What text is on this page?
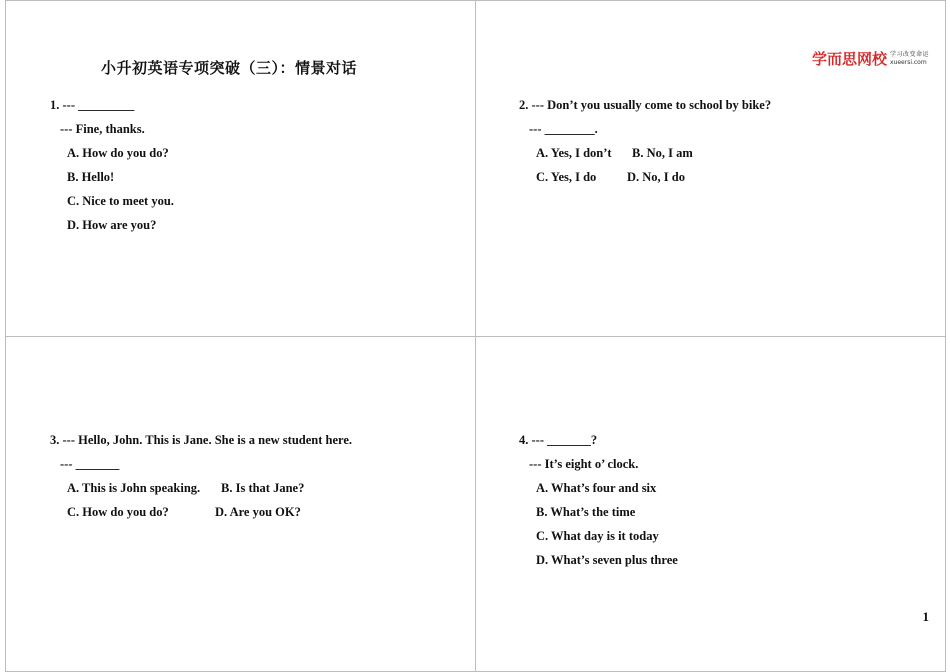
小升初英语专项突破（三）：情景对话
1. --- _________
--- Fine, thanks.
A. How do you do?
B. Hello!
C. Nice to meet you.
D. How are you?
学而思网校 学习改变命运
xueersi.com
2. --- Don’t you usually come to school by bike?
--- ________.
A. Yes, I don’t B. No, I am
C. Yes, I do D. No, I do
3. --- Hello, John. This is Jane. She is a new student here.
--- _______
A. This is John speaking. B. Is that Jane?
C. How do you do?	D. Are you OK?
4. --- _______?
--- It’s eight o’ clock.
A. What’s four and six
B. What’s the time
C. What day is it today
D. What’s seven plus three
1
